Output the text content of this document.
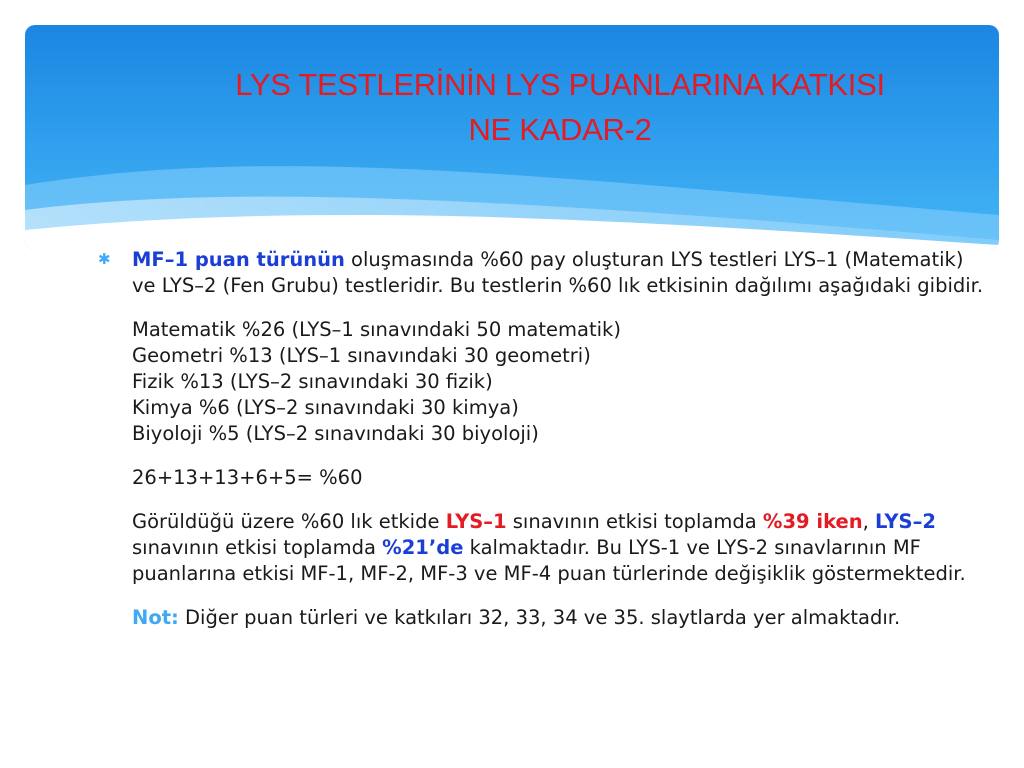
LYS TESTLERİNİN LYS PUANLARINA KATKISI
NE KADAR-2
✱ MF–1 puan türünün oluşmasında %60 pay oluşturan LYS testleri LYS–1 (Matematik) ve LYS–2 (Fen Grubu) testleridir. Bu testlerin %60 lık etkisinin dağılımı aşağıdaki gibidir.

Matematik %26 (LYS–1 sınavındaki 50 matematik)
Geometri %13 (LYS–1 sınavındaki 30 geometri)
Fizik %13 (LYS–2 sınavındaki 30 fizik)
Kimya %6 (LYS–2 sınavındaki 30 kimya)
Biyoloji %5 (LYS–2 sınavındaki 30 biyoloji)

26+13+13+6+5= %60

Görüldüğü üzere %60 lık etkide LYS–1 sınavının etkisi toplamda %39 iken, LYS–2 sınavının etkisi toplamda %21’de kalmaktadır. Bu LYS-1 ve LYS-2 sınavlarının MF puanlarına etkisi MF-1, MF-2, MF-3 ve MF-4 puan türlerinde değişiklik göstermektedir.

Not: Diğer puan türleri ve katkıları 32, 33, 34 ve 35. slaytlarda yer almaktadır.
